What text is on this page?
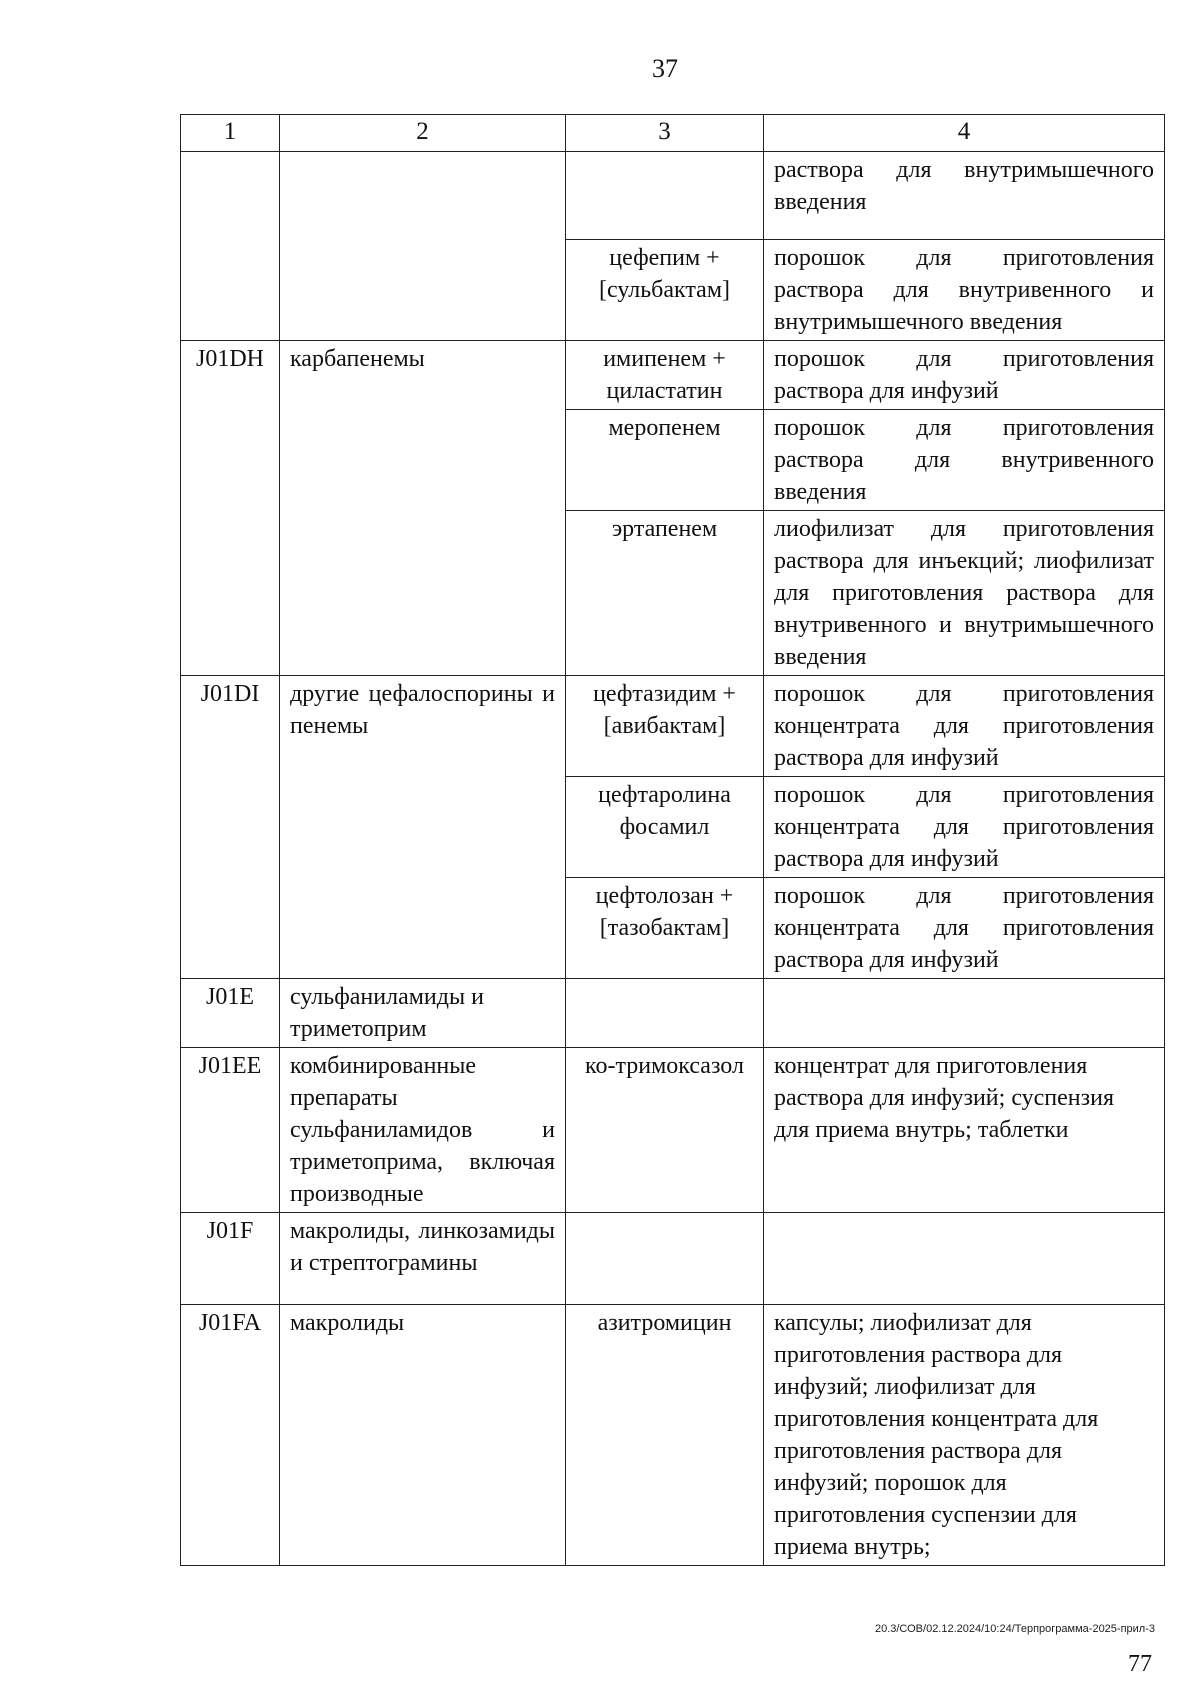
37
1	2	3	4
			раствора для внутримышечного введения
		цефепим + [сульбактам]	порошок для приготовления раствора для внутривенного и внутримышечного введения
J01DH	карбапенемы	имипенем + циластатин	порошок для приготовления раствора для инфузий
		меропенем	порошок для приготовления раствора для внутривенного введения
		эртапенем	лиофилизат для приготовления раствора для инъекций; лиофилизат для приготовления раствора для внутривенного и внутримышечного введения
J01DI	другие цефалоспорины и пенемы	цефтазидим + [авибактам]	порошок для приготовления концентрата для приготовления раствора для инфузий
		цефтаролина фосамил	порошок для приготовления концентрата для приготовления раствора для инфузий
		цефтолозан + [тазобактам]	порошок для приготовления концентрата для приготовления раствора для инфузий
J01E	сульфаниламиды и триметоприм		
J01EE	комбинированные препараты сульфаниламидов и триметоприма, включая производные	ко-тримоксазол	концентрат для приготовления раствора для инфузий; суспензия для приема внутрь; таблетки
J01F	макролиды, линкозамиды и стрептограмины		
J01FA	макролиды	азитромицин	капсулы; лиофилизат для приготовления раствора для инфузий; лиофилизат для приготовления концентрата для приготовления раствора для инфузий; порошок для приготовления суспензии для приема внутрь;
20.3/СОВ/02.12.2024/10:24/Терпрограмма-2025-прил-3
77
